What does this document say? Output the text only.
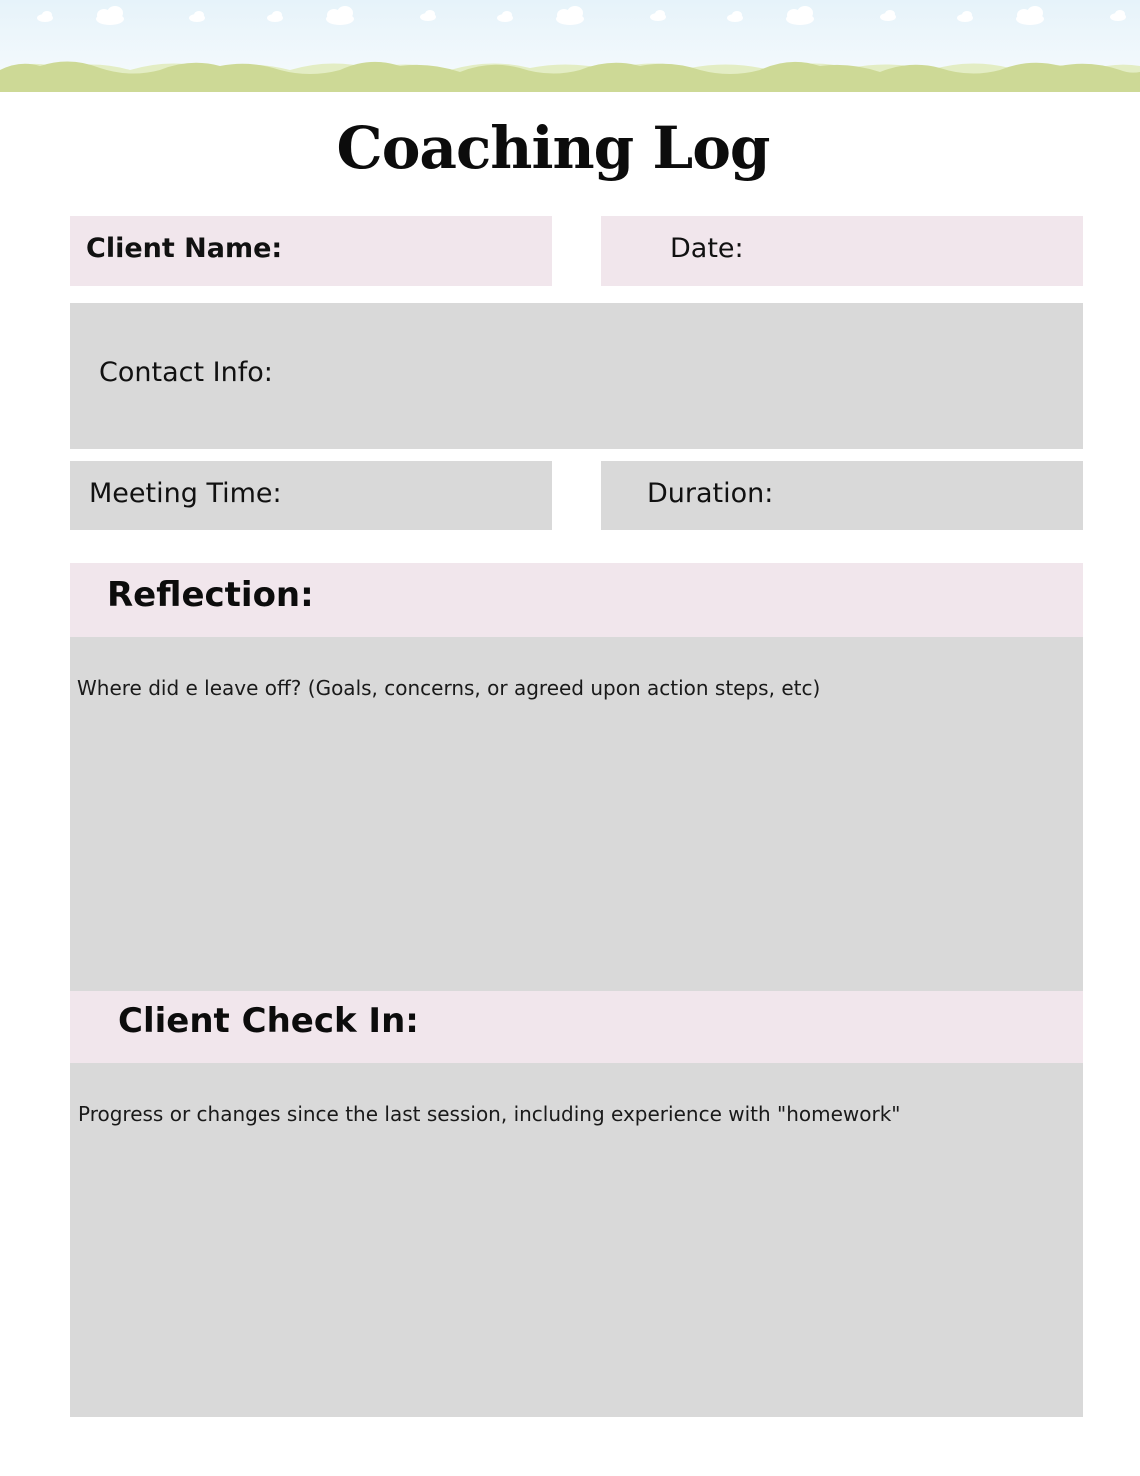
Coaching Log
Client Name:	Date:
Contact Info:
Meeting Time:	Duration:
Reflection:
Where did e leave off? (Goals, concerns, or agreed upon action steps, etc)
Client Check In:
Progress or changes since the last session, including experience with "homework"
